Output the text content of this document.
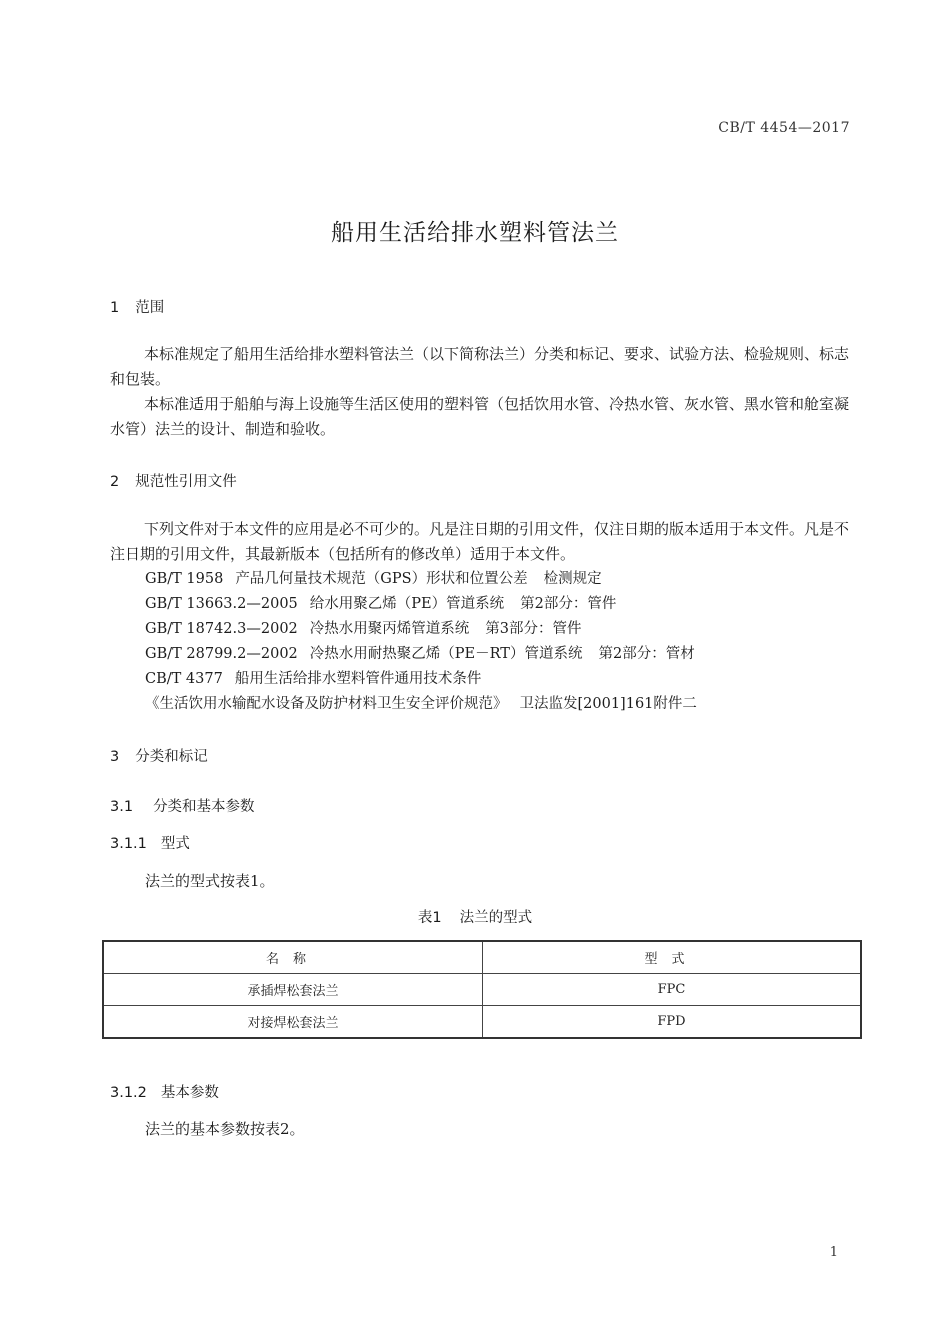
CB/T 4454—2017
船用生活给排水塑料管法兰
1 范围
本标准规定了船用生活给排水塑料管法兰（以下简称法兰）分类和标记、要求、试验方法、检验规则、标志和包装。
本标准适用于船舶与海上设施等生活区使用的塑料管（包括饮用水管、冷热水管、灰水管、黑水管和舱室凝水管）法兰的设计、制造和验收。
2 规范性引用文件
下列文件对于本文件的应用是必不可少的。凡是注日期的引用文件，仅注日期的版本适用于本文件。凡是不注日期的引用文件，其最新版本（包括所有的修改单）适用于本文件。
GB/T 1958 产品几何量技术规范（GPS）形状和位置公差 检测规定
GB/T 13663.2—2005 给水用聚乙烯（PE）管道系统 第2部分：管件
GB/T 18742.3—2002 冷热水用聚丙烯管道系统 第3部分：管件
GB/T 28799.2—2002 冷热水用耐热聚乙烯（PE－RT）管道系统 第2部分：管材
CB/T 4377 船用生活给排水塑料管件通用技术条件
《生活饮用水输配水设备及防护材料卫生安全评价规范》 卫法监发[2001]161附件二
3 分类和标记
3.1 分类和基本参数
3.1.1 型式
法兰的型式按表1。
表1 法兰的型式
名称	型式
承插焊松套法兰	FPC
对接焊松套法兰	FPD
3.1.2 基本参数
法兰的基本参数按表2。
1
